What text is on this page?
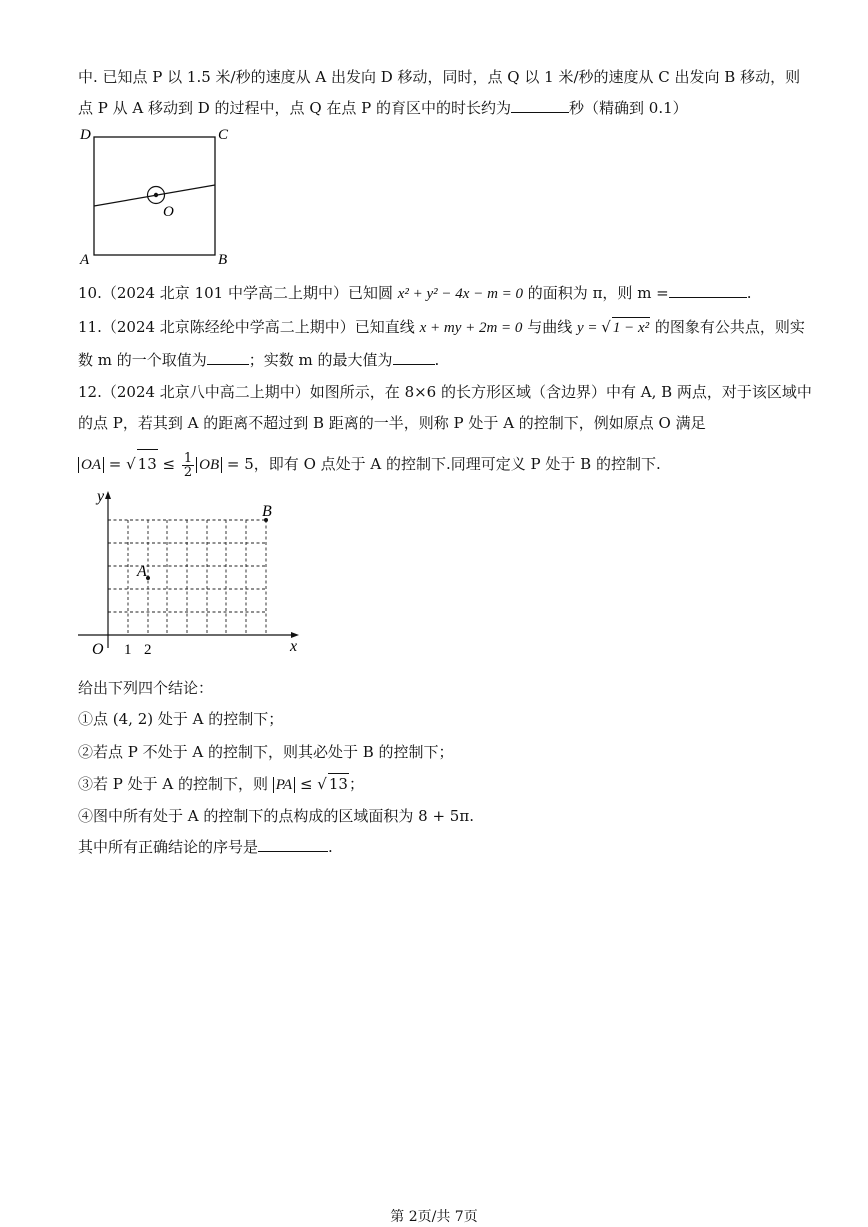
中. 已知点 P 以 1.5 米/秒的速度从 A 出发向 D 移动，同时，点 Q 以 1 米/秒的速度从 C 出发向 B 移动，则
点 P 从 A 移动到 D 的过程中，点 Q 在点 P 的育区中的时长约为	秒（精确到 0.1）
D	C
O
A	B
10.（2024 北京 101 中学高二上期中）已知圆 x² + y² − 4x − m = 0 的面积为 π，则 m =	.
11.（2024 北京陈经纶中学高二上期中）已知直线 x + my + 2m = 0 与曲线 y = √ 1 − x² 的图象有公共点，则实
数 m 的一个取值为	；实数 m 的最大值为	.
12.（2024 北京八中高二上期中）如图所示，在 8×6 的长方形区域（含边界）中有 A, B 两点，对于该区域中
的点 P，若其到 A 的距离不超过到 B 距离的一半，则称 P 处于 A 的控制下，例如原点 O 满足
OA = √ $13 \le \frac{1}{2}$ OB = 5，即有 O 点处于 A 的控制下.同理可定义 P 处于 B 的控制下.
y
x
O 1 2
A
B
给出下列四个结论：
①点 (4, 2) 处于 A 的控制下；
②若点 P 不处于 A 的控制下，则其必处于 B 的控制下；
③若 P 处于 A 的控制下，则 PA ≤ √ 13；
④图中所有处于 A 的控制下的点构成的区域面积为 8 + 5π.
其中所有正确结论的序号是	.
第 2页/共 7页
